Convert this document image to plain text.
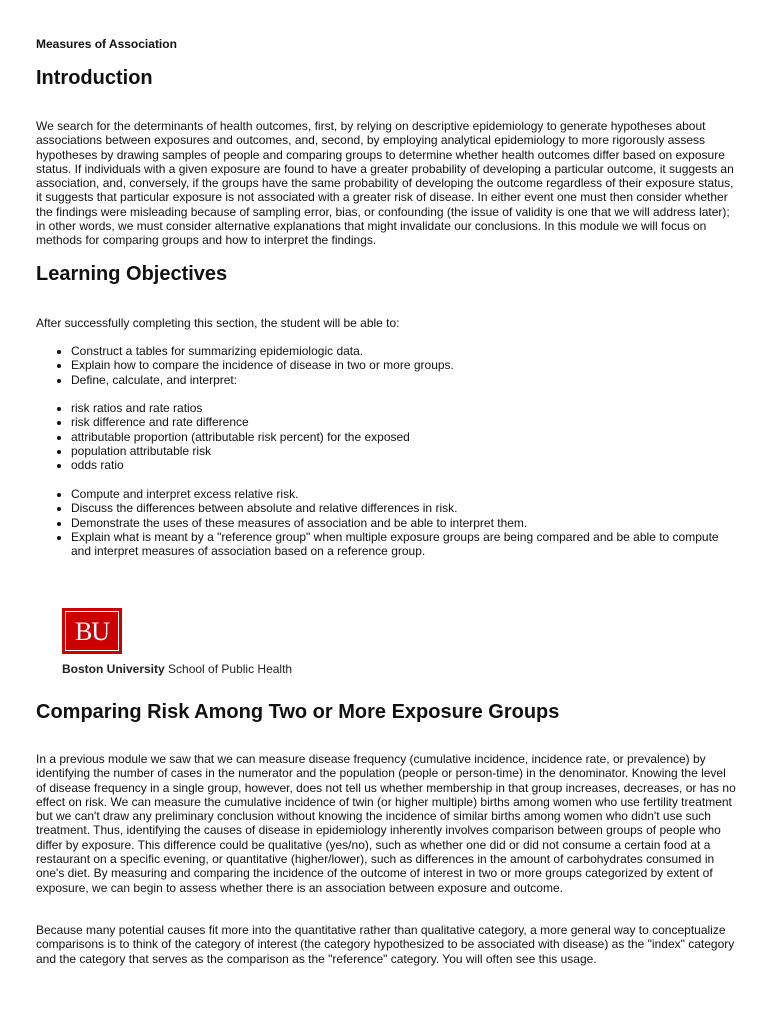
Measures of Association

Introduction

We search for the determinants of health outcomes, first, by relying on descriptive epidemiology to generate hypotheses about associations between exposures and outcomes, and, second, by employing analytical epidemiology to more rigorously assess hypotheses by drawing samples of people and comparing groups to determine whether health outcomes differ based on exposure status. If individuals with a given exposure are found to have a greater probability of developing a particular outcome, it suggests an association, and, conversely, if the groups have the same probability of developing the outcome regardless of their exposure status, it suggests that particular exposure is not associated with a greater risk of disease. In either event one must then consider whether the findings were misleading because of sampling error, bias, or confounding (the issue of validity is one that we will address later); in other words, we must consider alternative explanations that might invalidate our conclusions. In this module we will focus on methods for comparing groups and how to interpret the findings.

Learning Objectives

After successfully completing this section, the student will be able to:

• Construct a tables for summarizing epidemiologic data.
• Explain how to compare the incidence of disease in two or more groups.
• Define, calculate, and interpret:
• risk ratios and rate ratios
• risk difference and rate difference
• attributable proportion (attributable risk percent) for the exposed
• population attributable risk
• odds ratio
• Compute and interpret excess relative risk.
• Discuss the differences between absolute and relative differences in risk.
• Demonstrate the uses of these measures of association and be able to interpret them.
• Explain what is meant by a "reference group" when multiple exposure groups are being compared and be able to compute and interpret measures of association based on a reference group.
BU
Boston University School of Public Health
Comparing Risk Among Two or More Exposure Groups

In a previous module we saw that we can measure disease frequency (cumulative incidence, incidence rate, or prevalence) by identifying the number of cases in the numerator and the population (people or person-time) in the denominator. Knowing the level of disease frequency in a single group, however, does not tell us whether membership in that group increases, decreases, or has no effect on risk. We can measure the cumulative incidence of twin (or higher multiple) births among women who use fertility treatment but we can't draw any preliminary conclusion without knowing the incidence of similar births among women who didn't use such treatment. Thus, identifying the causes of disease in epidemiology inherently involves comparison between groups of people who differ by exposure. This difference could be qualitative (yes/no), such as whether one did or did not consume a certain food at a restaurant on a specific evening, or quantitative (higher/lower), such as differences in the amount of carbohydrates consumed in one's diet. By measuring and comparing the incidence of the outcome of interest in two or more groups categorized by extent of exposure, we can begin to assess whether there is an association between exposure and outcome.

Because many potential causes fit more into the quantitative rather than qualitative category, a more general way to conceptualize comparisons is to think of the category of interest (the category hypothesized to be associated with disease) as the "index" category and the category that serves as the comparison as the "reference" category. You will often see this usage.
